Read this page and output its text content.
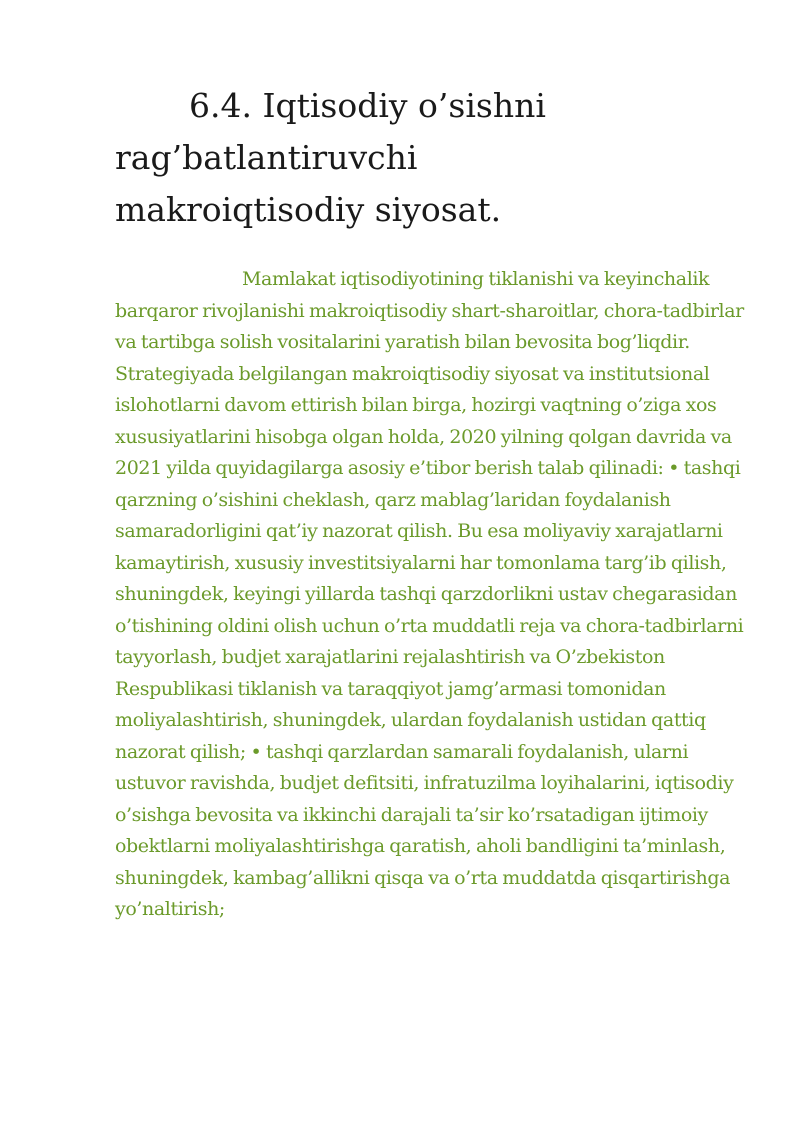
6.4. Iqtisodiy o’sishni rag’batlantiruvchi makroiqtisodiy siyosat.

Mamlakat iqtisodiyotining tiklanishi va keyinchalik barqaror rivojlanishi makroiqtisodiy shart-sharoitlar, chora-tadbirlar va tartibga solish vositalarini yaratish bilan bevosita bog’liqdir. Strategiyada belgilangan makroiqtisodiy siyosat va institutsional islohotlarni davom ettirish bilan birga, hozirgi vaqtning o’ziga xos xususiyatlarini hisobga olgan holda, 2020 yilning qolgan davrida va 2021 yilda quyidagilarga asosiy e’tibor berish talab qilinadi: • tashqi qarzning o’sishini cheklash, qarz mablag’laridan foydalanish samaradorligini qat’iy nazorat qilish. Bu esa moliyaviy xarajatlarni kamaytirish, xususiy investitsiyalarni har tomonlama targ’ib qilish, shuningdek, keyingi yillarda tashqi qarzdorlikni ustav chegarasidan o’tishining oldini olish uchun o’rta muddatli reja va chora-tadbirlarni tayyorlash, budjet xarajatlarini rejalashtirish va O’zbekiston Respublikasi tiklanish va taraqqiyot jamg’armasi tomonidan moliyalashtirish, shuningdek, ulardan foydalanish ustidan qattiq nazorat qilish; • tashqi qarzlardan samarali foydalanish, ularni ustuvor ravishda, budjet defitsiti, infratuzilma loyihalarini, iqtisodiy o’sishga bevosita va ikkinchi darajali ta’sir ko’rsatadigan ijtimoiy obektlarni moliyalashtirishga qaratish, aholi bandligini ta’minlash, shuningdek, kambag’allikni qisqa va o’rta muddatda qisqartirishga yo’naltirish;
